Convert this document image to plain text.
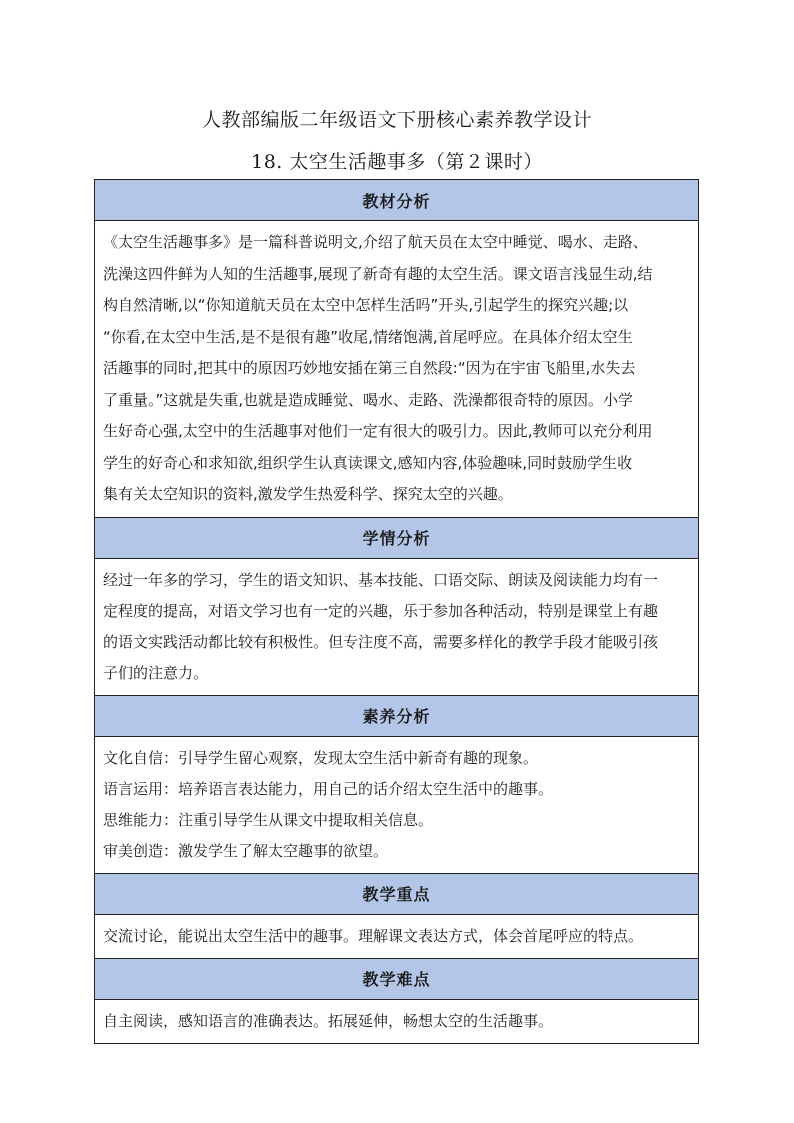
人教部编版二年级语文下册核心素养教学设计
18. 太空生活趣事多（第２课时）
教材分析

《太空生活趣事多》是一篇科普说明文,介绍了航天员在太空中睡觉、喝水、走路、
洗澡这四件鲜为人知的生活趣事,展现了新奇有趣的太空生活。课文语言浅显生动,结
构自然清晰,以“你知道航天员在太空中怎样生活吗”开头,引起学生的探究兴趣;以
“你看,在太空中生活,是不是很有趣”收尾,情绪饱满,首尾呼应。在具体介绍太空生
活趣事的同时,把其中的原因巧妙地安插在第三自然段:“因为在宇宙飞船里,水失去
了重量。”这就是失重,也就是造成睡觉、喝水、走路、洗澡都很奇特的原因。小学
生好奇心强,太空中的生活趣事对他们一定有很大的吸引力。因此,教师可以充分利用
学生的好奇心和求知欲,组织学生认真读课文,感知内容,体验趣味,同时鼓励学生收
集有关太空知识的资料,激发学生热爱科学、探究太空的兴趣。

学情分析

经过一年多的学习，学生的语文知识、基本技能、口语交际、朗读及阅读能力均有一
定程度的提高，对语文学习也有一定的兴趣，乐于参加各种活动，特别是课堂上有趣
的语文实践活动都比较有积极性。但专注度不高，需要多样化的教学手段才能吸引孩
子们的注意力。

素养分析

文化自信：引导学生留心观察，发现太空生活中新奇有趣的现象。
语言运用：培养语言表达能力，用自己的话介绍太空生活中的趣事。
思维能力：注重引导学生从课文中提取相关信息。
审美创造：激发学生了解太空趣事的欲望。

教学重点

交流讨论，能说出太空生活中的趣事。理解课文表达方式，体会首尾呼应的特点。

教学难点

自主阅读，感知语言的准确表达。拓展延伸，畅想太空的生活趣事。
